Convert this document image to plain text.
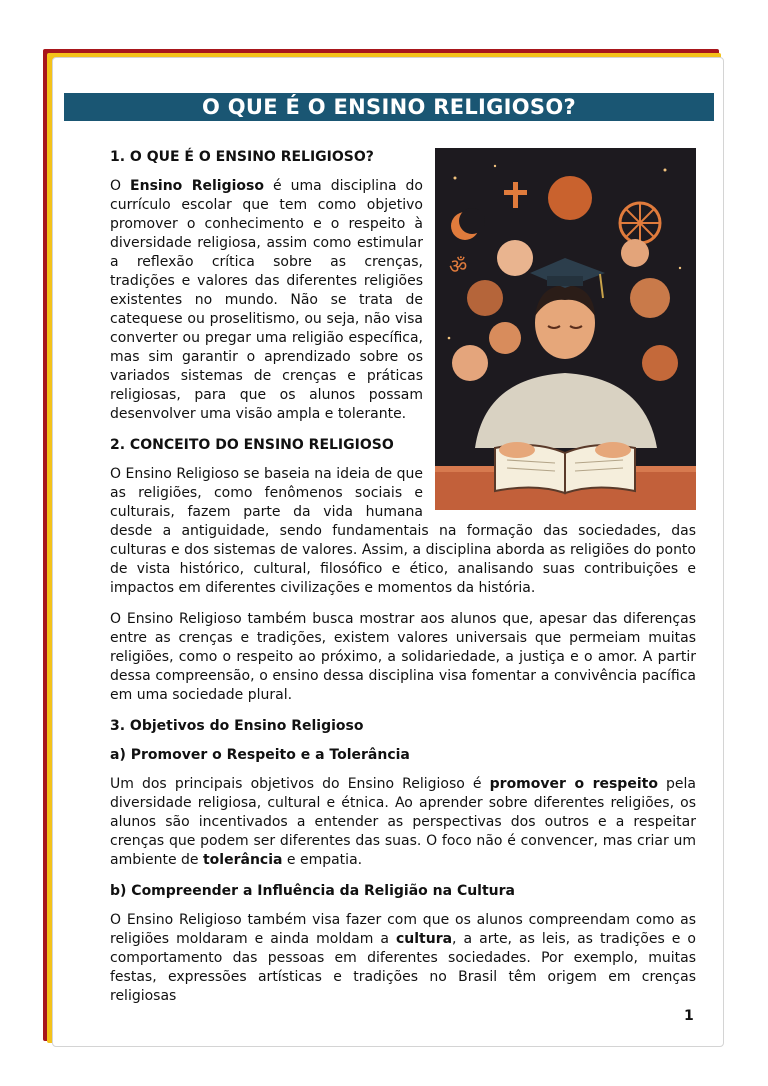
O QUE É O ENSINO RELIGIOSO?
ॐ
1. O QUE É O ENSINO RELIGIOSO?

O Ensino Religioso é uma disciplina do currículo escolar que tem como objetivo promover o conhecimento e o respeito à diversidade religiosa, assim como estimular a reflexão crítica sobre as crenças, tradições e valores das diferentes religiões existentes no mundo. Não se trata de catequese ou proselitismo, ou seja, não visa converter ou pregar uma religião específica, mas sim garantir o aprendizado sobre os variados sistemas de crenças e práticas religiosas, para que os alunos possam desenvolver uma visão ampla e tolerante.

2. CONCEITO DO ENSINO RELIGIOSO

O Ensino Religioso se baseia na ideia de que as religiões, como fenômenos sociais e culturais, fazem parte da vida humana desde a antiguidade, sendo fundamentais na formação das sociedades, das culturas e dos sistemas de valores. Assim, a disciplina aborda as religiões do ponto de vista histórico, cultural, filosófico e ético, analisando suas contribuições e impactos em diferentes civilizações e momentos da história.

O Ensino Religioso também busca mostrar aos alunos que, apesar das diferenças entre as crenças e tradições, existem valores universais que permeiam muitas religiões, como o respeito ao próximo, a solidariedade, a justiça e o amor. A partir dessa compreensão, o ensino dessa disciplina visa fomentar a convivência pacífica em uma sociedade plural.

3. Objetivos do Ensino Religioso
a) Promover o Respeito e a Tolerância

Um dos principais objetivos do Ensino Religioso é promover o respeito pela diversidade religiosa, cultural e étnica. Ao aprender sobre diferentes religiões, os alunos são incentivados a entender as perspectivas dos outros e a respeitar crenças que podem ser diferentes das suas. O foco não é convencer, mas criar um ambiente de tolerância e empatia.

b) Compreender a Influência da Religião na Cultura

O Ensino Religioso também visa fazer com que os alunos compreendam como as religiões moldaram e ainda moldam a cultura, a arte, as leis, as tradições e o comportamento das pessoas em diferentes sociedades. Por exemplo, muitas festas, expressões artísticas e tradições no Brasil têm origem em crenças religiosas

1
